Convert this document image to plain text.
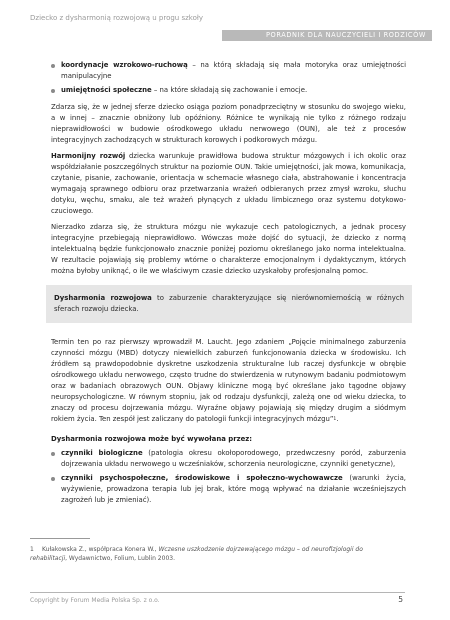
Dziecko z dysharmonią rozwojową u progu szkoły
PORADNIK DLA NAUCZYCIELI I RODZICÓW
koordynacje wzrokowo-ruchową – na którą składają się mała motoryka oraz umiejętności manipulacyjne
umiejętności społeczne – na które składają się zachowanie i emocje.

Zdarza się, że w jednej sferze dziecko osiąga poziom ponadprzeciętny w stosunku do swojego wieku, a w innej – znacznie obniżony lub opóźniony. Różnice te wynikają nie tylko z różnego rodzaju nieprawidłowości w budowie ośrodkowego układu nerwowego (OUN), ale też z procesów integracyjnych zachodzących w strukturach korowych i podkorowych mózgu.

Harmonijny rozwój dziecka warunkuje prawidłowa budowa struktur mózgowych i ich okolic oraz współdziałanie poszczególnych struktur na poziomie OUN. Takie umiejętności, jak mowa, komunikacja, czytanie, pisanie, zachowanie, orientacja w schemacie własnego ciała, abstrahowanie i koncentracja wymagają sprawnego odbioru oraz przetwarzania wrażeń odbieranych przez zmysł wzroku, słuchu dotyku, węchu, smaku, ale też wrażeń płynących z układu limbicznego oraz systemu dotykowo-czuciowego.

Nierzadko zdarza się, że struktura mózgu nie wykazuje cech patologicznych, a jednak procesy integracyjne przebiegają nieprawidłowo. Wówczas może dojść do sytuacji, że dziecko z normą intelektualną będzie funkcjonowało znacznie poniżej poziomu określanego jako norma intelektualna. W rezultacie pojawiają się problemy wtórne o charakterze emocjonalnym i dydaktycznym, których można byłoby uniknąć, o ile we właściwym czasie dziecko uzyskałoby profesjonalną pomoc.

Dysharmonia rozwojowa to zaburzenie charakteryzujące się nierównomiernością w różnych sferach rozwoju dziecka.

Termin ten po raz pierwszy wprowadził M. Laucht. Jego zdaniem „Pojęcie minimalnego zaburzenia czynności mózgu (MBD) dotyczy niewielkich zaburzeń funkcjonowania dziecka w środowisku. Ich źródłem są prawdopodobnie dyskretne uszkodzenia strukturalne lub raczej dysfunkcje w obrębie ośrodkowego układu nerwowego, często trudne do stwierdzenia w rutynowym badaniu podmiotowym oraz w badaniach obrazowych OUN. Objawy kliniczne mogą być określane jako tągodne objawy neuropsychologiczne. W równym stopniu, jak od rodzaju dysfunkcji, zależą one od wieku dziecka, to znaczy od procesu dojrzewania mózgu. Wyraźne objawy pojawiają się między drugim a siódmym rokiem życia. Ten zespół jest zaliczany do patologii funkcji integracyjnych mózgu”$^1$.

Dysharmonia rozwojowa może być wywołana przez:

czynniki biologiczne (patologia okresu okołoporodowego, przedwczesny poród, zaburzenia dojrzewania układu nerwowego u wcześniaków, schorzenia neurologiczne, czynniki genetyczne),
czynniki psychospołeczne, środowiskowe i społeczno-wychowawcze (warunki życia, wyżywienie, prowadzona terapia lub jej brak, które mogą wpływać na działanie wcześniejszych zagrożeń lub je zmieniać).
1 Kułakowska Z., współpraca Konera W., Wczesne uszkodzenie dojrzewającego mózgu – od neurofizjologii do rehabilitacji, Wydawnictwo, Folium, Lublin 2003.
Copyright by Forum Media Polska Sp. z o.o.	5
